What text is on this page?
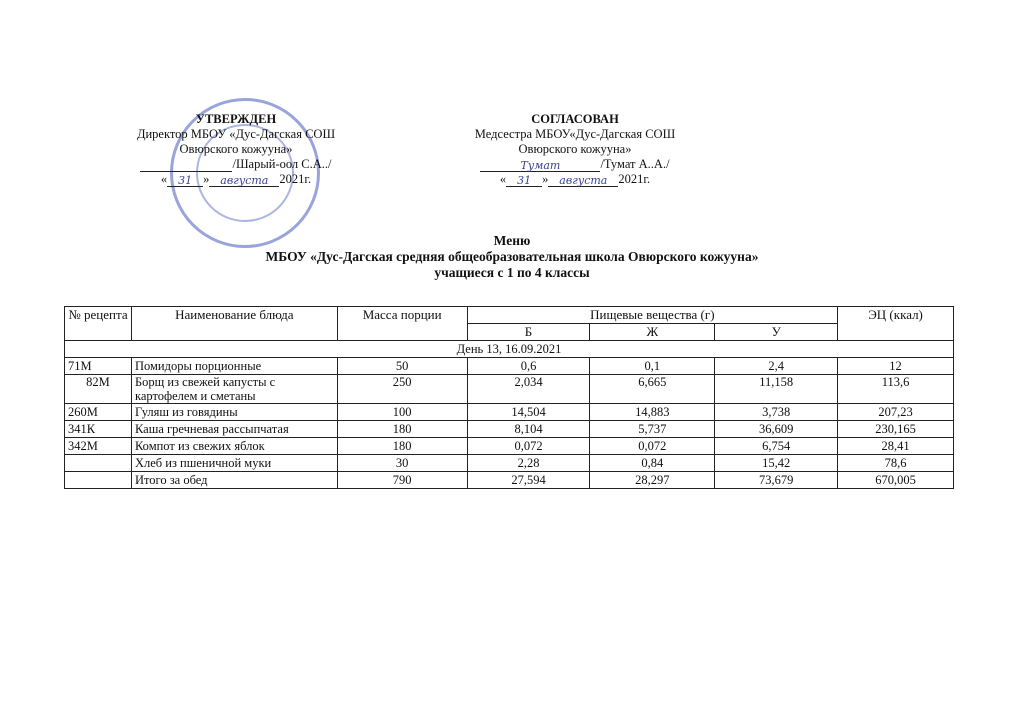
УТВЕРЖДЕН
Директор МБОУ «Дус-Дагская СОШ
Овюрского кожууна»
/Шарый-оол С.А../
« 31 » августа 2021г.
СОГЛАСОВАН
Медсестра МБОУ«Дус-Дагская СОШ
Овюрского кожууна»
Тумат	/Тумат А..А./
« 31 » августа 2021г.
Меню
МБОУ «Дус-Дагская средняя общеобразовательная школа Овюрского кожууна»
учащиеся с 1 по 4 классы
№ рецепта	Наименование блюда	Масса порции	Пищевые вещества (г)			ЭЦ (ккал)
			Б	Ж	У	
День 13, 16.09.2021						
71М	Помидоры порционные	50	0,6	0,1	2,4	12
82М	Борщ из свежей капусты с картофелем и сметаны	250	2,034	6,665	11,158	113,6
260М	Гуляш из говядины	100	14,504	14,883	3,738	207,23
341К	Каша гречневая рассыпчатая	180	8,104	5,737	36,609	230,165
342М	Компот из свежих яблок	180	0,072	0,072	6,754	28,41
	Хлеб из пшеничной муки	30	2,28	0,84	15,42	78,6
	Итого за обед	790	27,594	28,297	73,679	670,005
